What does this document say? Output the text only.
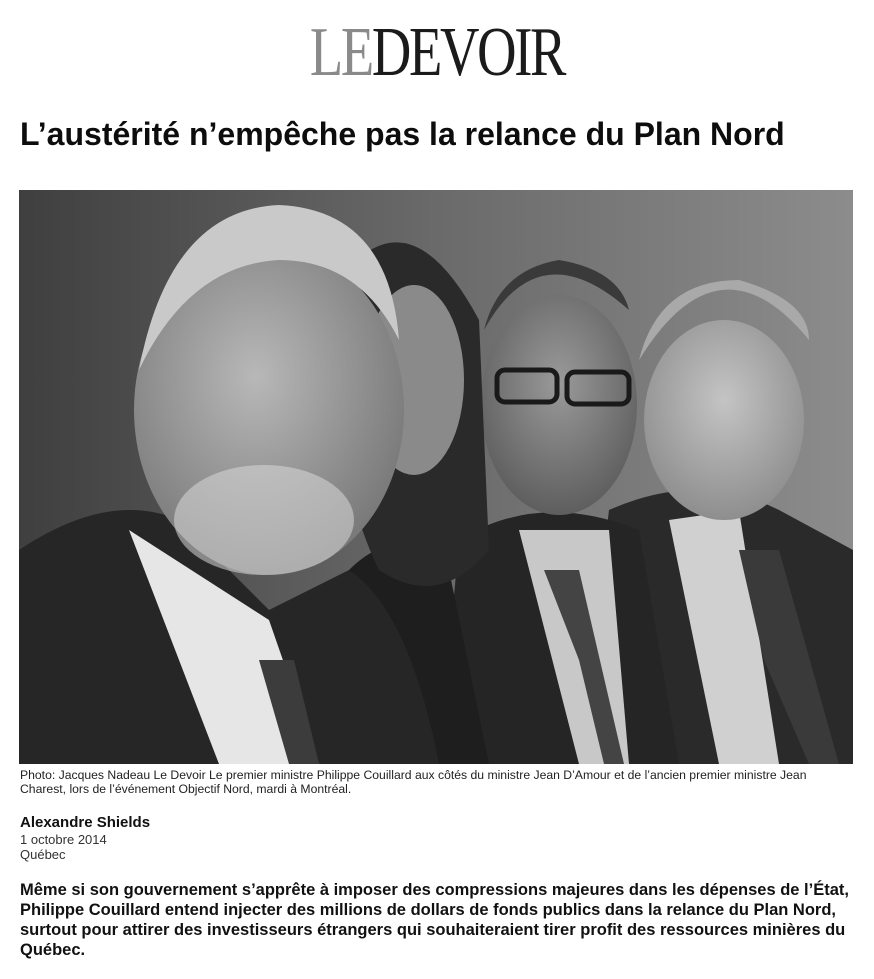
LEDEVOIR
L’austérité n’empêche pas la relance du Plan Nord
Photo: Jacques Nadeau Le Devoir Le premier ministre Philippe Couillard aux côtés du ministre Jean D’Amour et de l’ancien premier ministre Jean Charest, lors de l’événement Objectif Nord, mardi à Montréal.
Alexandre Shields
1 octobre 2014
Québec
Même si son gouvernement s’apprête à imposer des compressions majeures dans les dépenses de l’État, Philippe Couillard entend injecter des millions de dollars de fonds publics dans la relance du Plan Nord, surtout pour attirer des investisseurs étrangers qui souhaiteraient tirer profit des ressources minières du Québec.
